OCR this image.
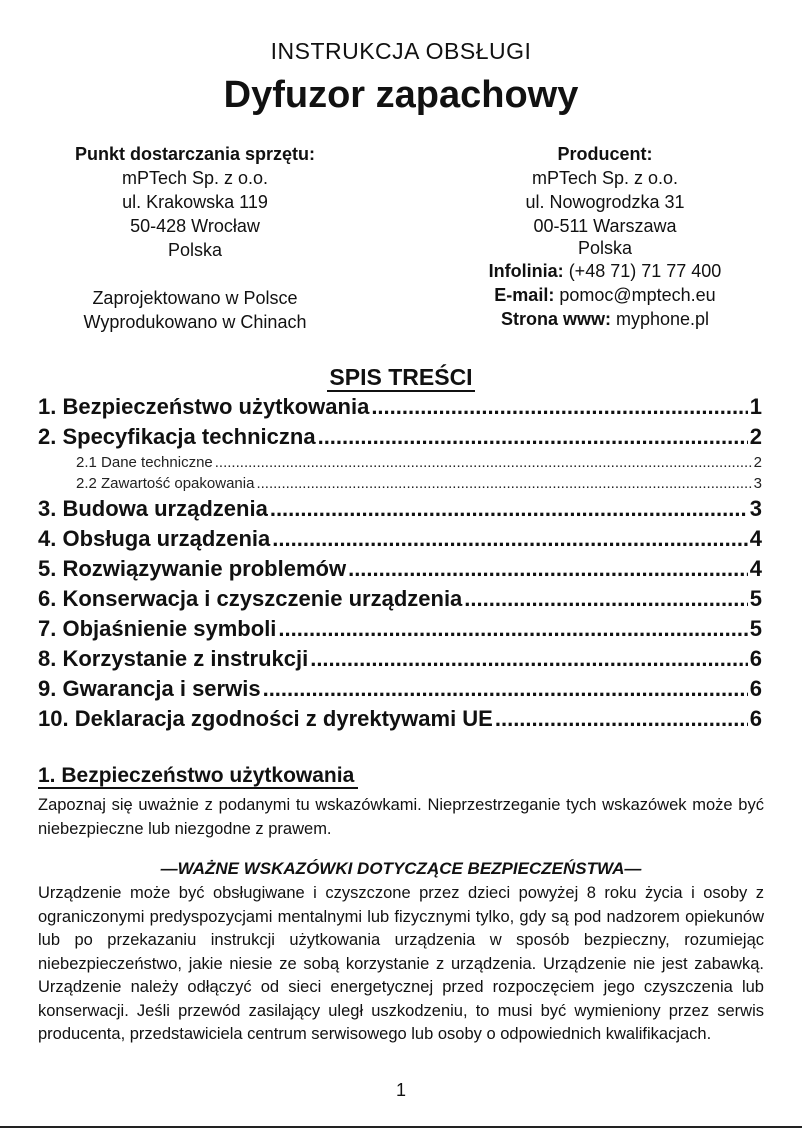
INSTRUKCJA OBSŁUGI
Dyfuzor zapachowy
Punkt dostarczania sprzętu:
mPTech Sp. z o.o.
ul. Krakowska 119
50-428 Wrocław
Polska
Zaprojektowano w Polsce
Wyprodukowano w Chinach
Producent:
mPTech Sp. z o.o.
ul. Nowogrodzka 31
00-511 Warszawa
Polska
Infolinia: (+48 71) 71 77 400
E-mail: pomoc@mptech.eu
Strona www: myphone.pl
SPIS TREŚCI
1. Bezpieczeństwo użytkowania .....	1
2. Specyfikacja techniczna .....	2
2.1 Dane techniczne .....	2
2.2 Zawartość opakowania .....	3
3. Budowa urządzenia .....	3
4. Obsługa urządzenia .....	4
5. Rozwiązywanie problemów .....	4
6. Konserwacja i czyszczenie urządzenia .....	5
7. Objaśnienie symboli .....	5
8. Korzystanie z instrukcji .....	6
9. Gwarancja i serwis .....	6
10. Deklaracja zgodności z dyrektywami UE .....	6
1. Bezpieczeństwo użytkowania
Zapoznaj się uważnie z podanymi tu wskazówkami. Nieprzestrzeganie tych wskazówek może być niebezpieczne lub niezgodne z prawem.
—WAŻNE WSKAZÓWKI DOTYCZĄCE BEZPIECZEŃSTWA—
Urządzenie może być obsługiwane i czyszczone przez dzieci powyżej 8 roku życia i osoby z ograniczonymi predyspozycjami mentalnymi lub fizycznymi tylko, gdy są pod nadzorem opiekunów lub po przekazaniu instrukcji użytkowania urządzenia w sposób bezpieczny, rozumiejąc niebezpieczeństwo, jakie niesie ze sobą korzystanie z urządzenia. Urządzenie nie jest zabawką. Urządzenie należy odłączyć od sieci energetycznej przed rozpoczęciem jego czyszczenia lub konserwacji. Jeśli przewód zasilający uległ uszkodzeniu, to musi być wymieniony przez serwis producenta, przedstawiciela centrum serwisowego lub osoby o odpowiednich kwalifikacjach.
1
